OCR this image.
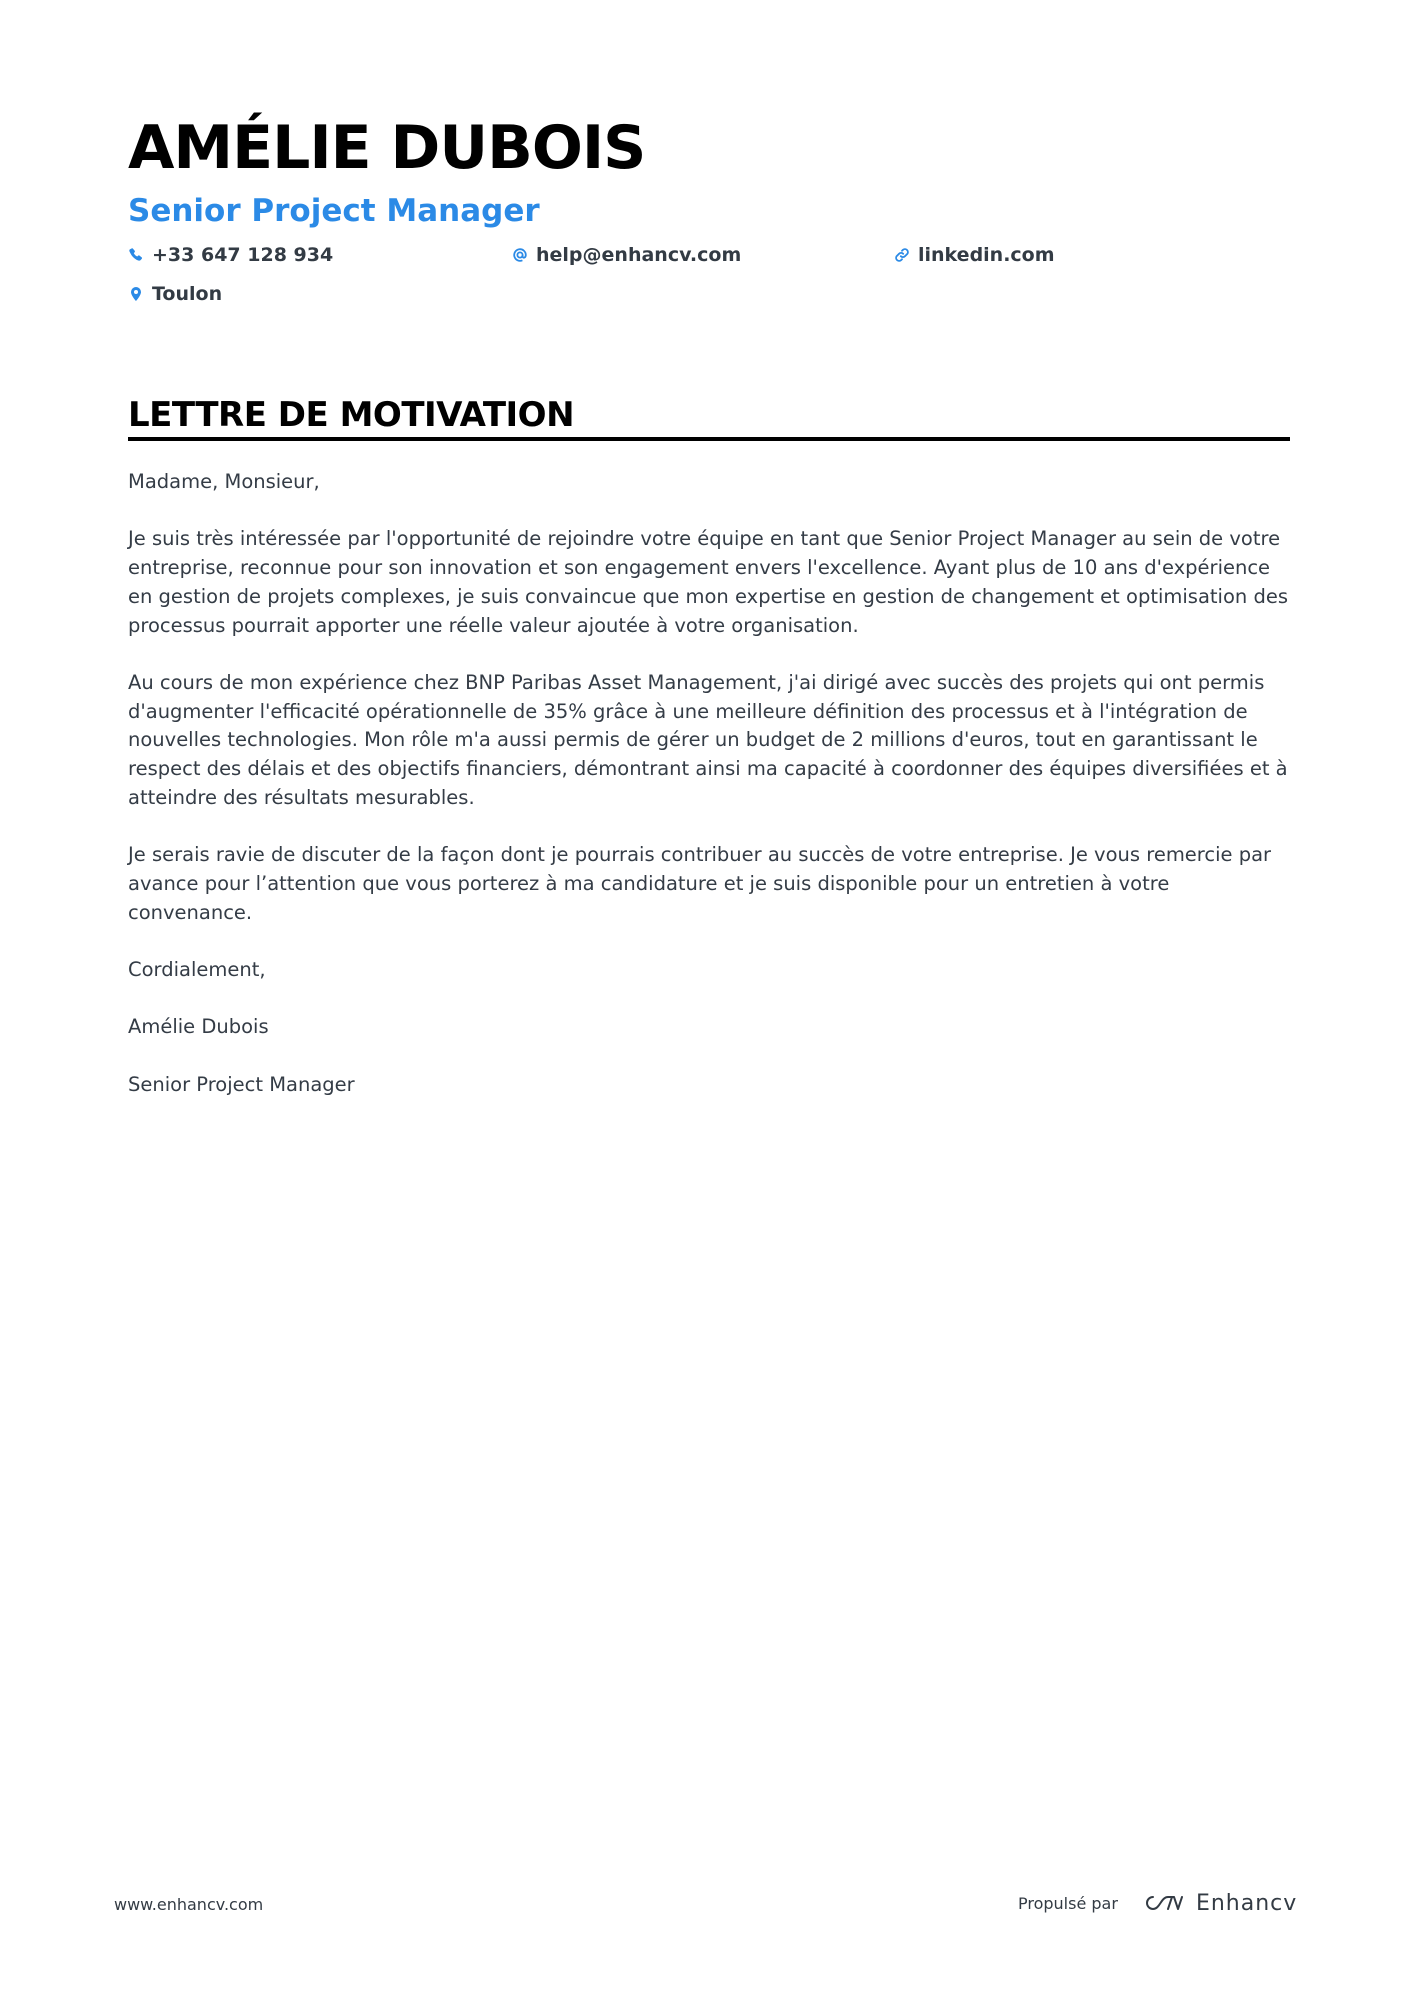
AMÉLIE DUBOIS
Senior Project Manager
+33 647 128 934	help@enhancv.com	linkedin.com
Toulon
LETTRE DE MOTIVATION

Madame, Monsieur,

Je suis très intéressée par l'opportunité de rejoindre votre équipe en tant que Senior Project Manager au sein de votre entreprise, reconnue pour son innovation et son engagement envers l'excellence. Ayant plus de 10 ans d'expérience en gestion de projets complexes, je suis convaincue que mon expertise en gestion de changement et optimisation des processus pourrait apporter une réelle valeur ajoutée à votre organisation.

Au cours de mon expérience chez BNP Paribas Asset Management, j'ai dirigé avec succès des projets qui ont permis d'augmenter l'efficacité opérationnelle de 35% grâce à une meilleure définition des processus et à l'intégration de nouvelles technologies. Mon rôle m'a aussi permis de gérer un budget de 2 millions d'euros, tout en garantissant le respect des délais et des objectifs financiers, démontrant ainsi ma capacité à coordonner des équipes diversifiées et à atteindre des résultats mesurables.

Je serais ravie de discuter de la façon dont je pourrais contribuer au succès de votre entreprise. Je vous remercie par avance pour l’attention que vous porterez à ma candidature et je suis disponible pour un entretien à votre convenance.

Cordialement,

Amélie Dubois

Senior Project Manager

www.enhancv.com	Propulsé par	Enhancv
